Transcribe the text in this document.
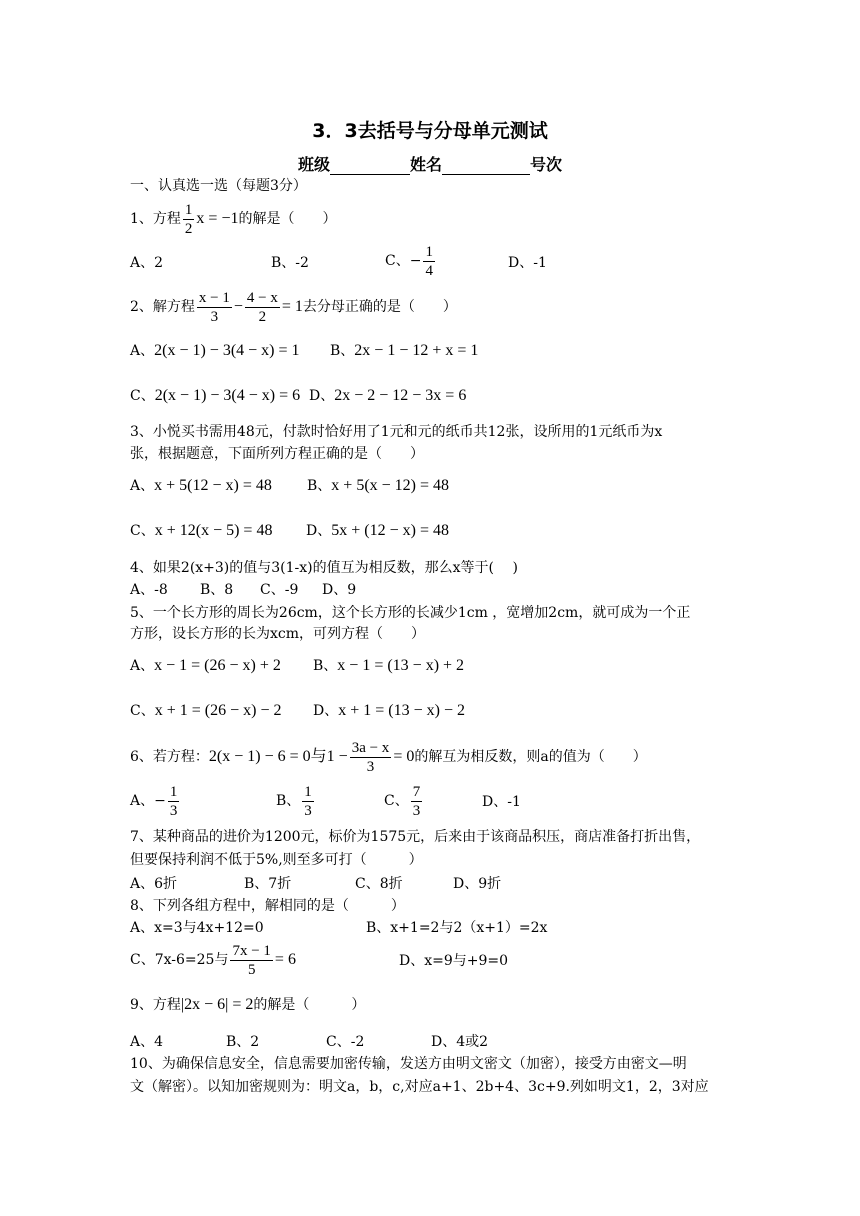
3．3去括号与分母单元测试
班级	姓名	号次
一、认真选一选（每题3分）
1、方程 $\frac{1}{2}$ x = −1的解是（　　）
A、2	B、-2	C、− $\frac{1}{4}$	D、-1
2、解方程 $\frac{x - 1}{3} - \frac{4 - x}{2} = 1$去分母正确的是（　　）
A、2(x − 1) − 3(4 − x) = 1 B、2x − 1 − 12 + x = 1
C、2(x − 1) − 3(4 − x) = 6 D、2x − 2 − 12 − 3x = 6
3、小悦买书需用48元，付款时恰好用了1元和元的纸币共12张，设所用的1元纸币为x
张，根据题意，下面所列方程正确的是（　　）
A、x + 5(12 − x) = 48	B、x + 5(x − 12) = 48
C、x + 12(x − 5) = 48 D、5x + (12 − x) = 48
4、如果2(x+3)的值与3(1-x)的值互为相反数，那么x等于(　 )
A、-8 B、8 C、-9 D、9
5、一个长方形的周长为26cm，这个长方形的长减少1cm ，宽增加2cm，就可成为一个正
方形，设长方形的长为xcm，可列方程（　　）
A、x − 1 = (26 − x) + 2 B、x − 1 = (13 − x) + 2
C、x + 1 = (26 − x) − 2 D、x + 1 = (13 − x) − 2
6、若方程：2(x − 1) − 6 = 0与$1 - \frac{3a - x}{3} = 0$的解互为相反数，则a的值为（　　）
A、− $\frac{1}{3}$	B、 $\frac{1}{3}$	C、 $\frac{7}{3}$	D、-1
7、某种商品的进价为1200元，标价为1575元，后来由于该商品积压，商店准备打折出售，
但要保持利润不低于5%,则至多可打（　　　）
A、6折	B、7折	C、8折	D、9折
8、下列各组方程中，解相同的是（　　　）
A、x=3与4x+12=0	B、x+1=2与2（x+1）=2x
C、7x-6=25与 $\frac{7x - 1}{5} = 6$	D、x=9与+9=0
9、方程|2x − 6| = 2的解是（　　　）
A、4	B、2	C、-2	D、4或2
10、为确保信息安全，信息需要加密传输，发送方由明文密文（加密），接受方由密文—明
文（解密）。以知加密规则为：明文a，b，c,对应a+1、2b+4、3c+9.列如明文1，2，3对应
